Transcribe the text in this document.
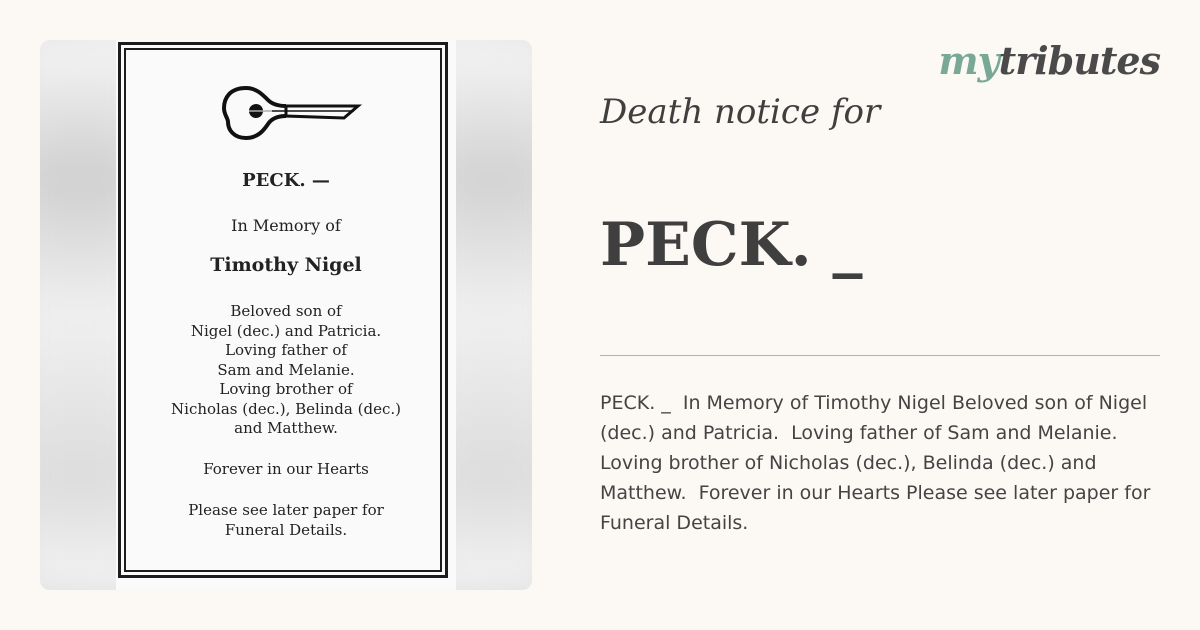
PECK. —
In Memory of
Timothy Nigel
Beloved son of
Nigel (dec.) and Patricia.
Loving father of
Sam and Melanie.
Loving brother of
Nicholas (dec.), Belinda (dec.)
and Matthew.
Forever in our Hearts
Please see later paper for
Funeral Details.
mytributes
Death notice for
PECK. _
PECK. _  In Memory of Timothy Nigel Beloved son of Nigel (dec.) and Patricia.  Loving father of Sam and Melanie. Loving brother of Nicholas (dec.), Belinda (dec.) and Matthew.  Forever in our Hearts Please see later paper for Funeral Details.
